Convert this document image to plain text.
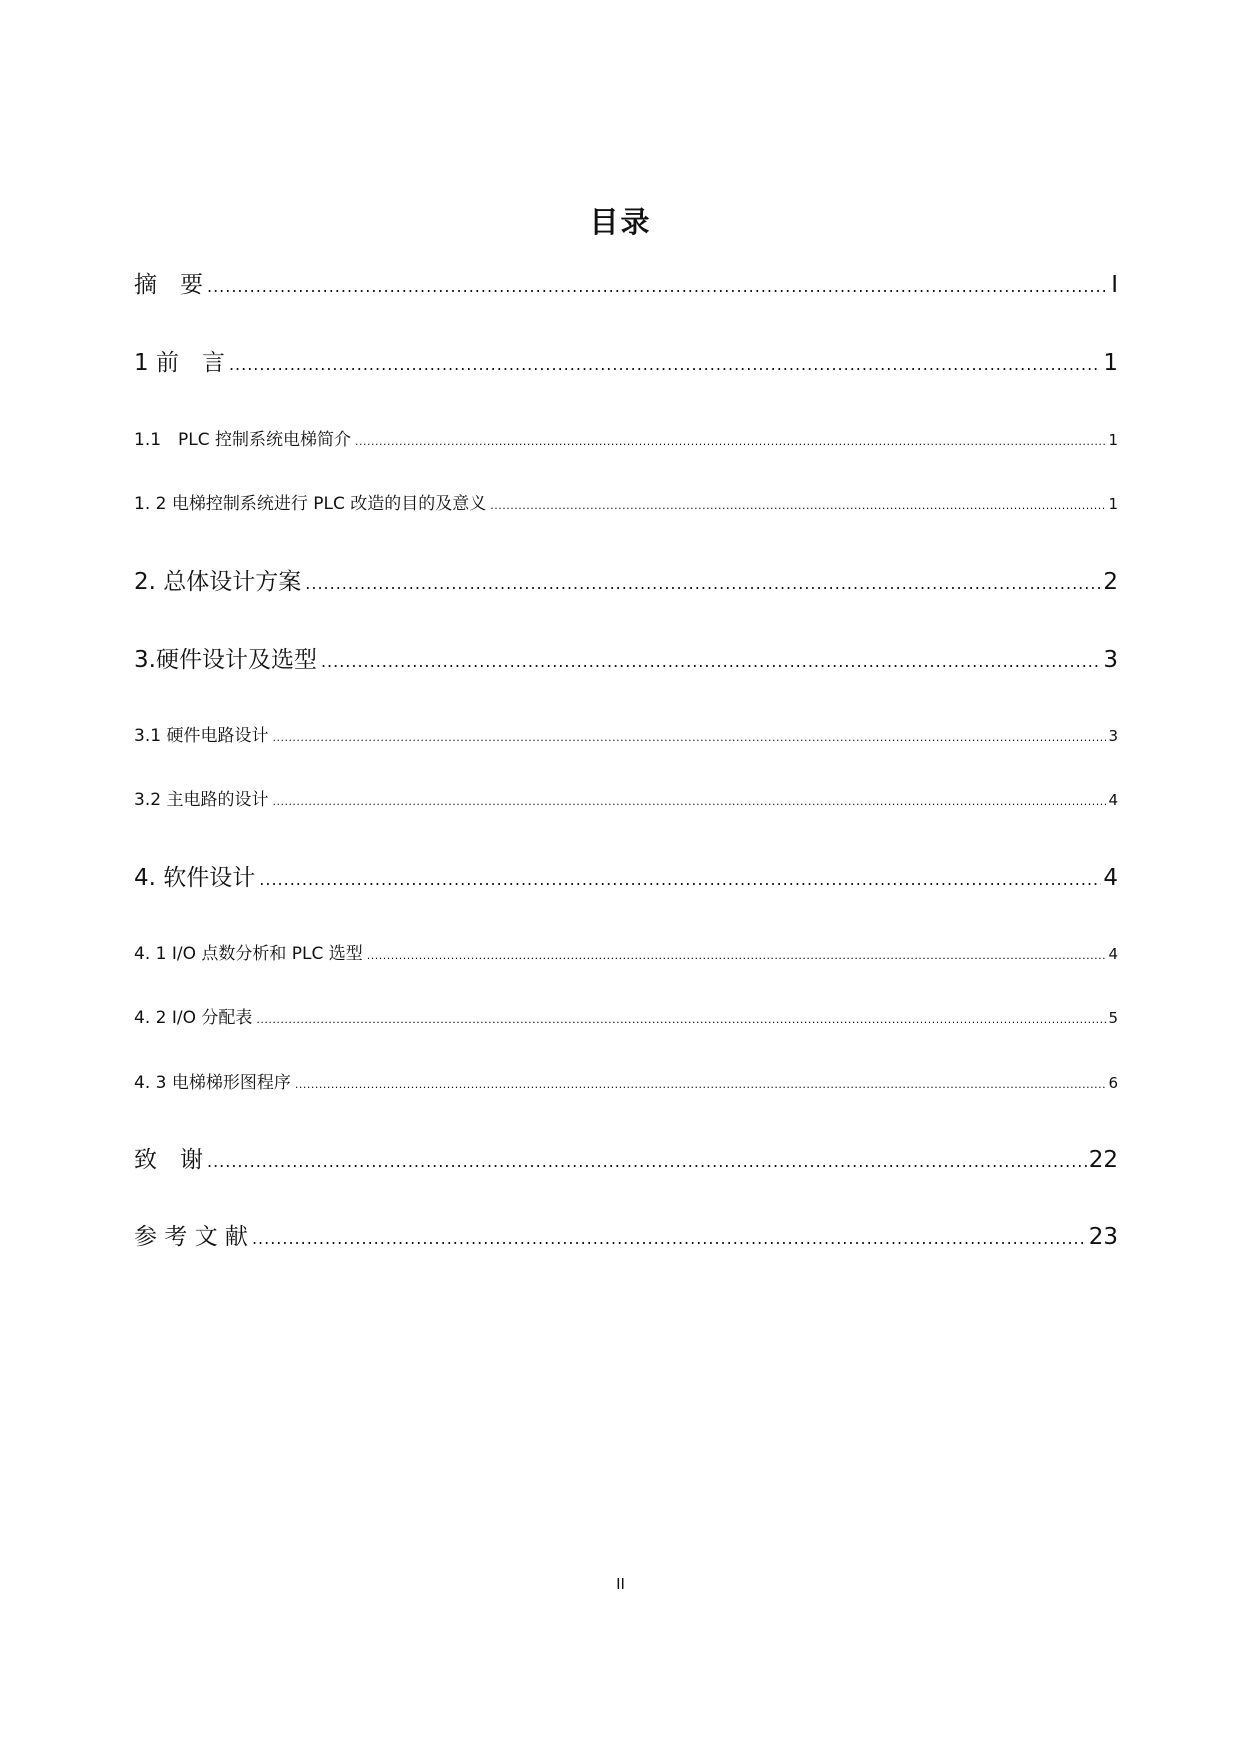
目录
摘　要 .....	I
1 前　言 .....	1
1.1　PLC 控制系统电梯简介 .....	1
1. 2 电梯控制系统进行 PLC 改造的目的及意义 .....	1
2. 总体设计方案 .....	2
3.硬件设计及选型 .....	3
3.1 硬件电路设计 .....	3
3.2 主电路的设计 .....	4
4. 软件设计 .....	4
4. 1 I/O 点数分析和 PLC 选型 .....	4
4. 2 I/O 分配表 .....	5
4. 3 电梯梯形图程序 .....	6
致　谢 .....	22
参 考 文 献 .....	23
II
